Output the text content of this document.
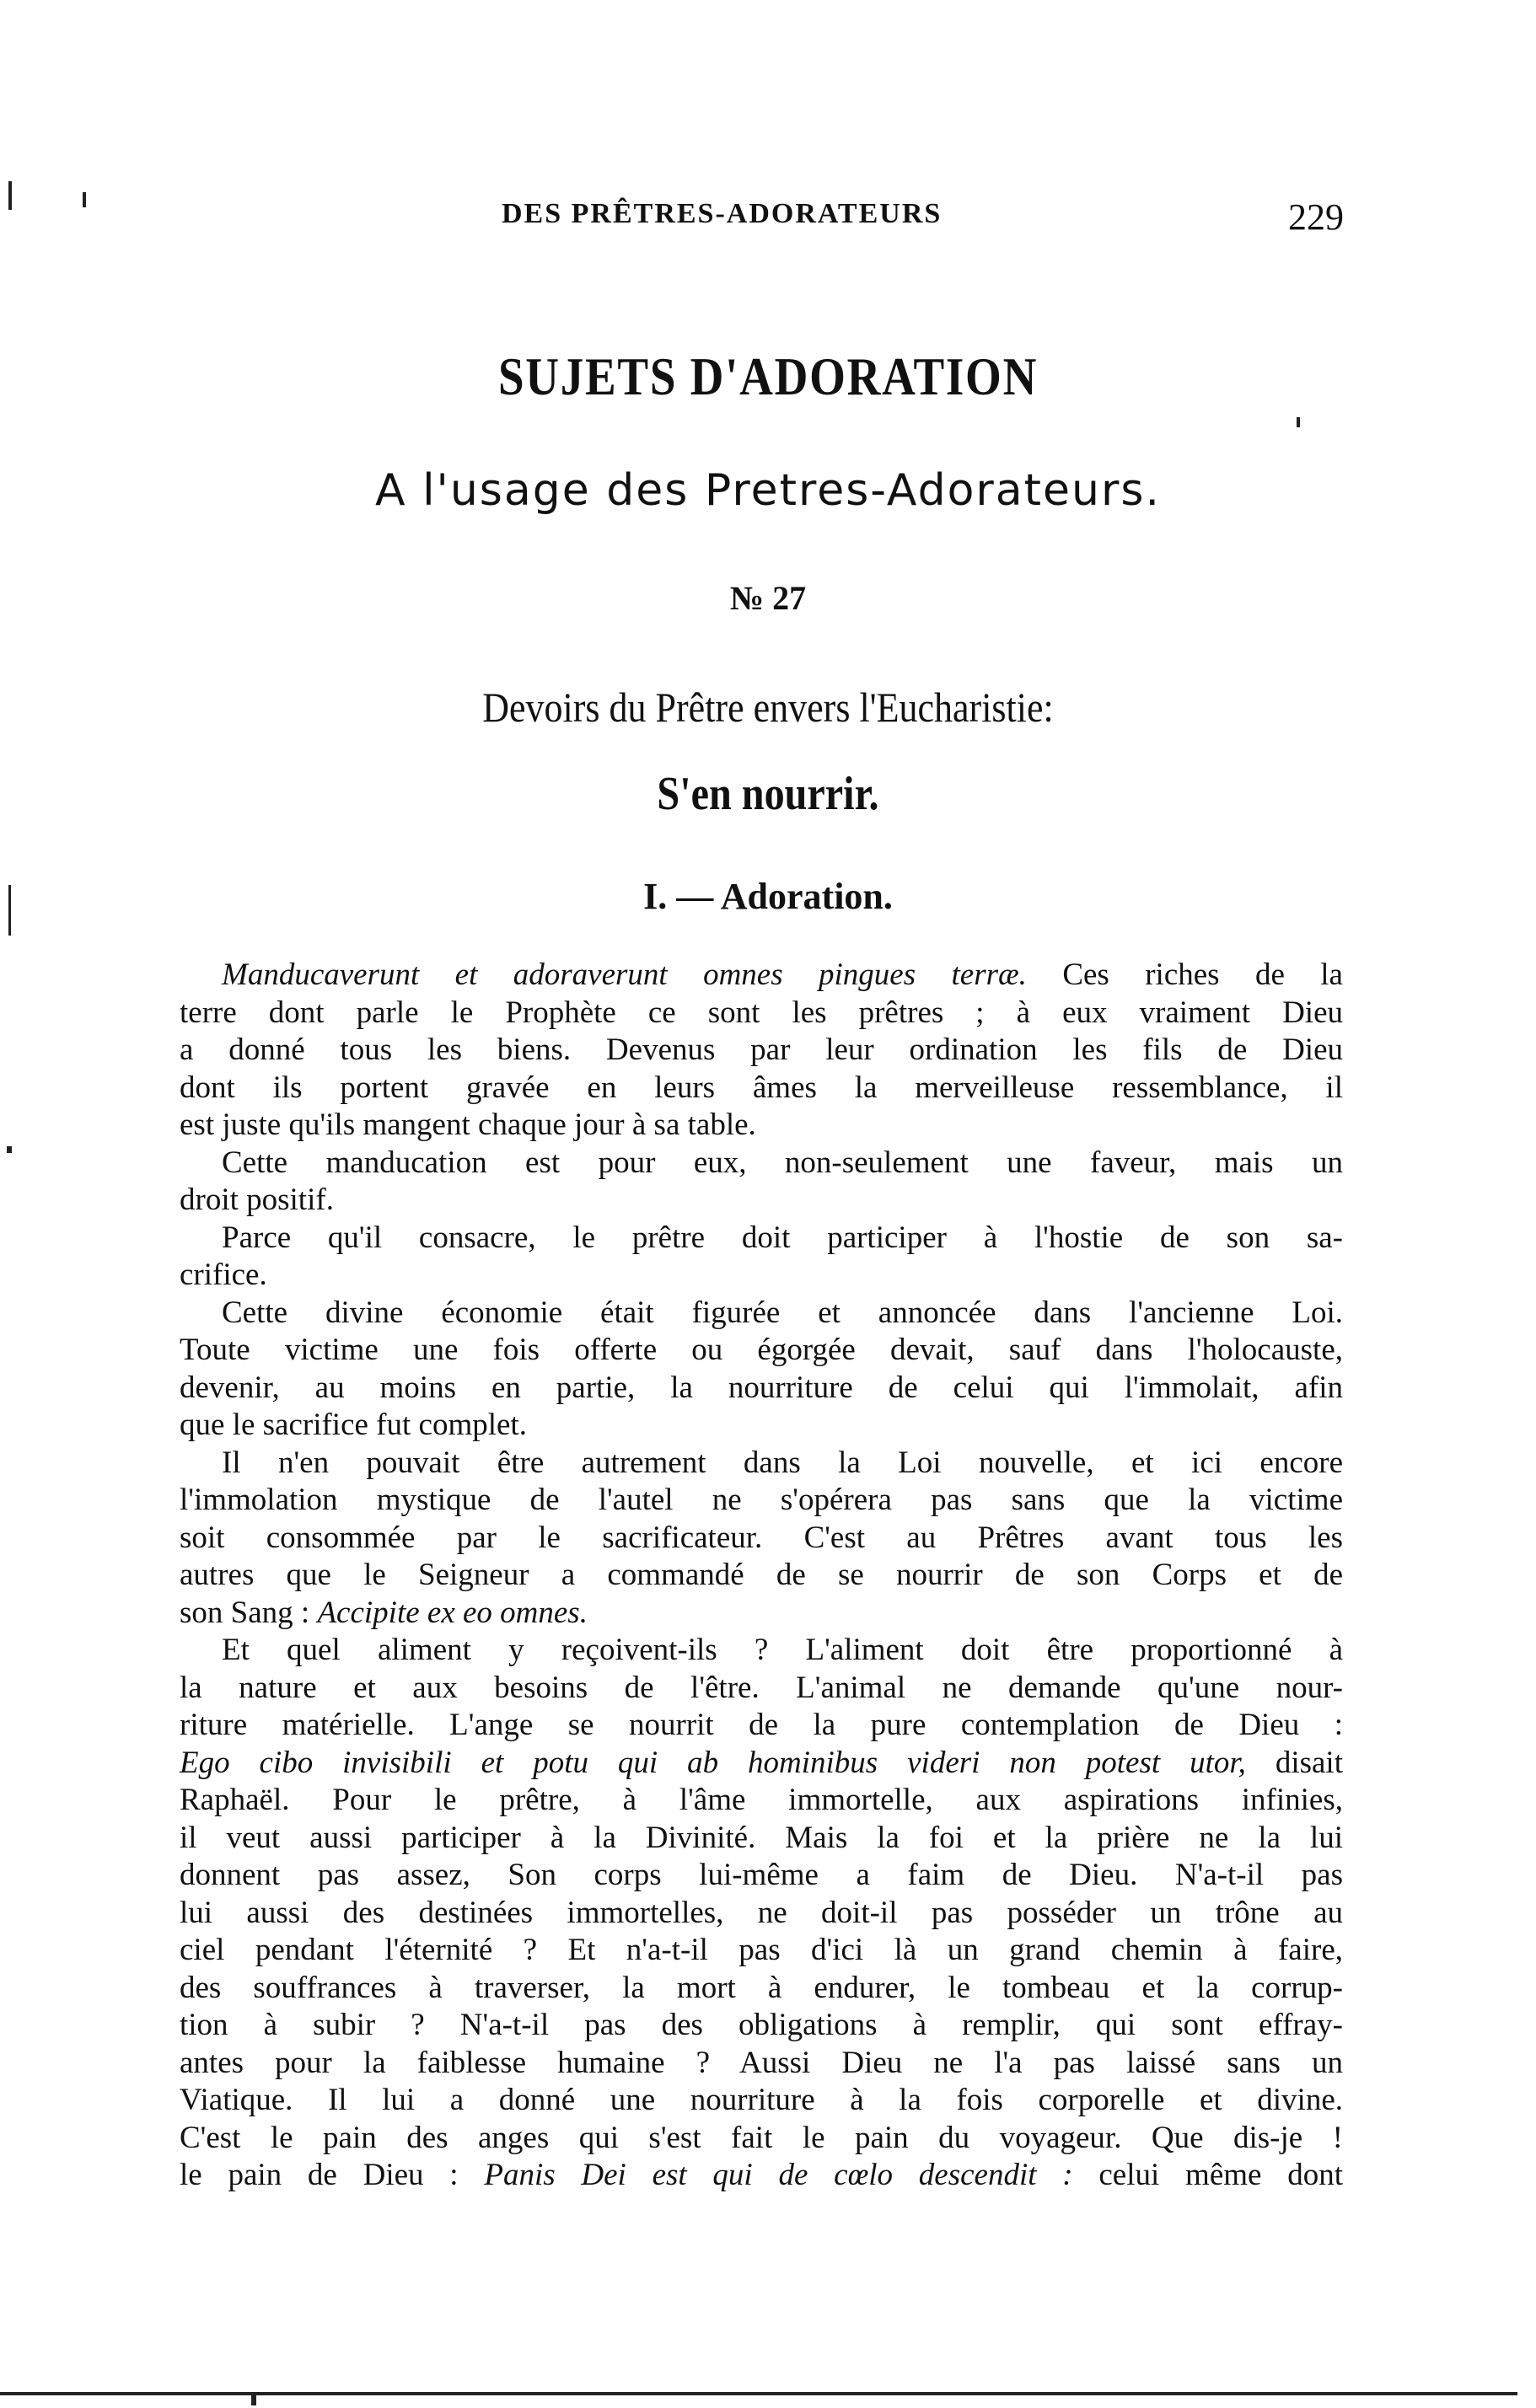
DES PRÊTRES-ADORATEURS	229
SUJETS D'ADORATION
A l'usage des Pretres-Adorateurs.
№ 27
Devoirs du Prêtre envers l'Eucharistie:
S'en nourrir.
I. — Adoration.
Manducaverunt et adoraverunt omnes pingues terræ. Ces riches de la
terre dont parle le Prophète ce sont les prêtres ; à eux vraiment Dieu
a donné tous les biens. Devenus par leur ordination les fils de Dieu
dont ils portent gravée en leurs âmes la merveilleuse ressemblance, il
est juste qu'ils mangent chaque jour à sa table.
Cette manducation est pour eux, non-seulement une faveur, mais un
droit positif.
Parce qu'il consacre, le prêtre doit participer à l'hostie de son sa-
crifice.
Cette divine économie était figurée et annoncée dans l'ancienne Loi.
Toute victime une fois offerte ou égorgée devait, sauf dans l'holocauste,
devenir, au moins en partie, la nourriture de celui qui l'immolait, afin
que le sacrifice fut complet.
Il n'en pouvait être autrement dans la Loi nouvelle, et ici encore
l'immolation mystique de l'autel ne s'opérera pas sans que la victime
soit consommée par le sacrificateur. C'est au Prêtres avant tous les
autres que le Seigneur a commandé de se nourrir de son Corps et de
son Sang : Accipite ex eo omnes.
Et quel aliment y reçoivent-ils ? L'aliment doit être proportionné à
la nature et aux besoins de l'être. L'animal ne demande qu'une nour-
riture matérielle. L'ange se nourrit de la pure contemplation de Dieu :
Ego cibo invisibili et potu qui ab hominibus videri non potest utor, disait
Raphaël. Pour le prêtre, à l'âme immortelle, aux aspirations infinies,
il veut aussi participer à la Divinité. Mais la foi et la prière ne la lui
donnent pas assez, Son corps lui-même a faim de Dieu. N'a-t-il pas
lui aussi des destinées immortelles, ne doit-il pas posséder un trône au
ciel pendant l'éternité ? Et n'a-t-il pas d'ici là un grand chemin à faire,
des souffrances à traverser, la mort à endurer, le tombeau et la corrup-
tion à subir ? N'a-t-il pas des obligations à remplir, qui sont effray-
antes pour la faiblesse humaine ? Aussi Dieu ne l'a pas laissé sans un
Viatique. Il lui a donné une nourriture à la fois corporelle et divine.
C'est le pain des anges qui s'est fait le pain du voyageur. Que dis-je !
le pain de Dieu : Panis Dei est qui de cœlo descendit : celui même dont
